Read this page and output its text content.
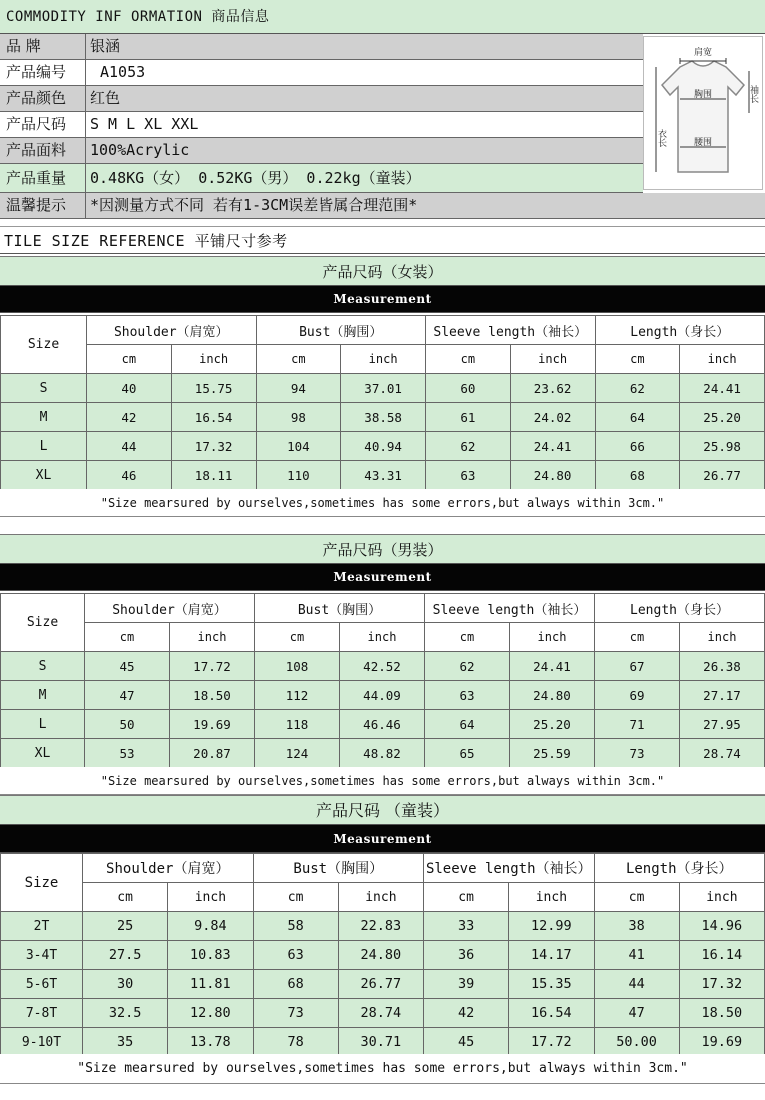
COMMODITY INF ORMATION 商品信息
品 牌	银涵
产品编号	A1053
产品颜色	红色
产品尺码	S M L XL XXL
产品面料	100%Acrylic
产品重量	0.48KG（女） 0.52KG（男） 0.22kg（童装）
温馨提示	*因测量方式不同 若有1-3CM误差皆属合理范围*
肩宽
胸围
腰围
衣长
袖长
TILE SIZE REFERENCE 平铺尺寸参考
产品尺码（女装）
Measurement
Size	Shoulder（肩宽）		Bust（胸围）		Sleeve length（袖长）		Length（身长）	
	cm	inch	cm	inch	cm	inch	cm	inch
S	40	15.75	94	37.01	60	23.62	62	24.41
M	42	16.54	98	38.58	61	24.02	64	25.20
L	44	17.32	104	40.94	62	24.41	66	25.98
XL	46	18.11	110	43.31	63	24.80	68	26.77
"Size mearsured by ourselves,sometimes has some errors,but always within 3cm."
产品尺码（男装）
Measurement
Size	Shoulder（肩宽）		Bust（胸围）		Sleeve length（袖长）		Length（身长）	
	cm	inch	cm	inch	cm	inch	cm	inch
S	45	17.72	108	42.52	62	24.41	67	26.38
M	47	18.50	112	44.09	63	24.80	69	27.17
L	50	19.69	118	46.46	64	25.20	71	27.95
XL	53	20.87	124	48.82	65	25.59	73	28.74
"Size mearsured by ourselves,sometimes has some errors,but always within 3cm."
产品尺码 （童装）
Measurement
Size	Shoulder（肩宽）		Bust（胸围）		Sleeve length（袖长）		Length（身长）	
	cm	inch	cm	inch	cm	inch	cm	inch
2T	25	9.84	58	22.83	33	12.99	38	14.96
3-4T	27.5	10.83	63	24.80	36	14.17	41	16.14
5-6T	30	11.81	68	26.77	39	15.35	44	17.32
7-8T	32.5	12.80	73	28.74	42	16.54	47	18.50
9-10T	35	13.78	78	30.71	45	17.72	50.00	19.69
"Size mearsured by ourselves,sometimes has some errors,but always within 3cm."
